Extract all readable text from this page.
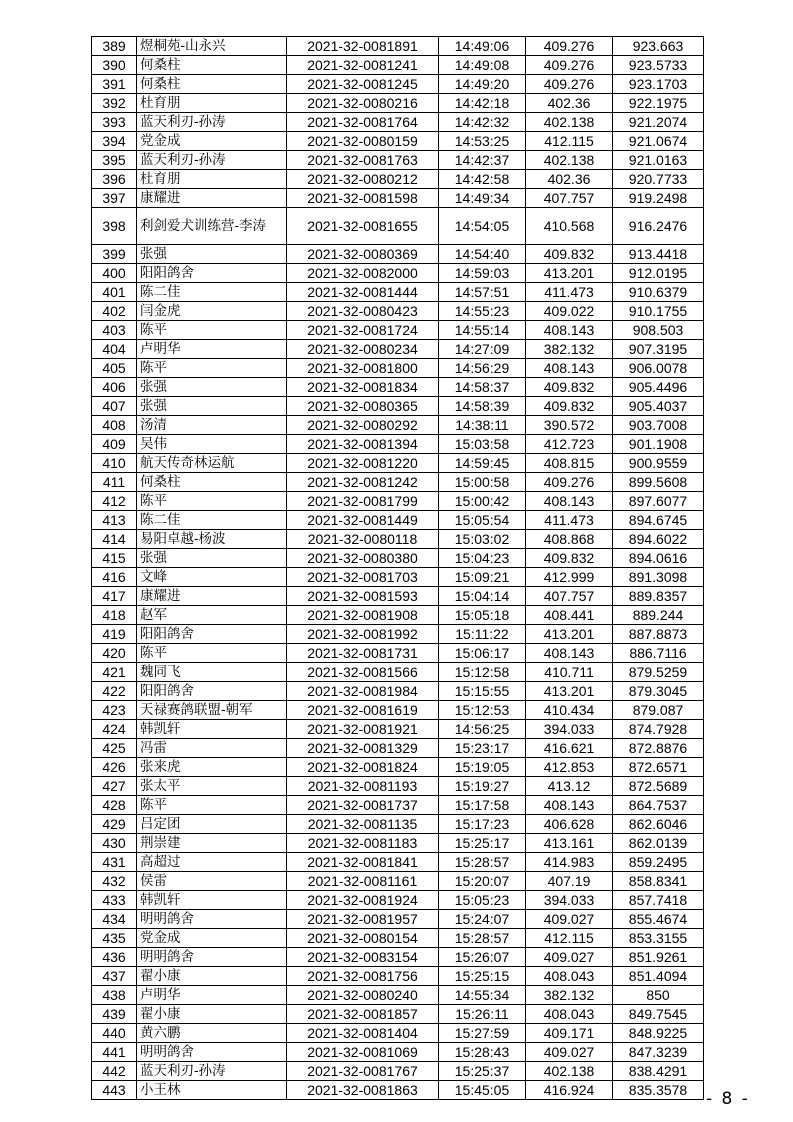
389	煜桐苑-山永兴	2021-32-0081891	14:49:06	409.276	923.663
390	何桑柱	2021-32-0081241	14:49:08	409.276	923.5733
391	何桑柱	2021-32-0081245	14:49:20	409.276	923.1703
392	杜育朋	2021-32-0080216	14:42:18	402.36	922.1975
393	蓝天利刃-孙涛	2021-32-0081764	14:42:32	402.138	921.2074
394	党金成	2021-32-0080159	14:53:25	412.115	921.0674
395	蓝天利刃-孙涛	2021-32-0081763	14:42:37	402.138	921.0163
396	杜育朋	2021-32-0080212	14:42:58	402.36	920.7733
397	康耀进	2021-32-0081598	14:49:34	407.757	919.2498
398	利剑爱犬训练营-李涛	2021-32-0081655	14:54:05	410.568	916.2476
399	张强	2021-32-0080369	14:54:40	409.832	913.4418
400	阳阳鸽舍	2021-32-0082000	14:59:03	413.201	912.0195
401	陈二佳	2021-32-0081444	14:57:51	411.473	910.6379
402	闫金虎	2021-32-0080423	14:55:23	409.022	910.1755
403	陈平	2021-32-0081724	14:55:14	408.143	908.503
404	卢明华	2021-32-0080234	14:27:09	382.132	907.3195
405	陈平	2021-32-0081800	14:56:29	408.143	906.0078
406	张强	2021-32-0081834	14:58:37	409.832	905.4496
407	张强	2021-32-0080365	14:58:39	409.832	905.4037
408	汤清	2021-32-0080292	14:38:11	390.572	903.7008
409	吴伟	2021-32-0081394	15:03:58	412.723	901.1908
410	航天传奇林运航	2021-32-0081220	14:59:45	408.815	900.9559
411	何桑柱	2021-32-0081242	15:00:58	409.276	899.5608
412	陈平	2021-32-0081799	15:00:42	408.143	897.6077
413	陈二佳	2021-32-0081449	15:05:54	411.473	894.6745
414	易阳卓越-杨波	2021-32-0080118	15:03:02	408.868	894.6022
415	张强	2021-32-0080380	15:04:23	409.832	894.0616
416	文峰	2021-32-0081703	15:09:21	412.999	891.3098
417	康耀进	2021-32-0081593	15:04:14	407.757	889.8357
418	赵军	2021-32-0081908	15:05:18	408.441	889.244
419	阳阳鸽舍	2021-32-0081992	15:11:22	413.201	887.8873
420	陈平	2021-32-0081731	15:06:17	408.143	886.7116
421	魏同飞	2021-32-0081566	15:12:58	410.711	879.5259
422	阳阳鸽舍	2021-32-0081984	15:15:55	413.201	879.3045
423	天禄赛鸽联盟-朝军	2021-32-0081619	15:12:53	410.434	879.087
424	韩凯轩	2021-32-0081921	14:56:25	394.033	874.7928
425	冯雷	2021-32-0081329	15:23:17	416.621	872.8876
426	张来虎	2021-32-0081824	15:19:05	412.853	872.6571
427	张太平	2021-32-0081193	15:19:27	413.12	872.5689
428	陈平	2021-32-0081737	15:17:58	408.143	864.7537
429	吕定团	2021-32-0081135	15:17:23	406.628	862.6046
430	荆崇建	2021-32-0081183	15:25:17	413.161	862.0139
431	高超过	2021-32-0081841	15:28:57	414.983	859.2495
432	侯雷	2021-32-0081161	15:20:07	407.19	858.8341
433	韩凯轩	2021-32-0081924	15:05:23	394.033	857.7418
434	明明鸽舍	2021-32-0081957	15:24:07	409.027	855.4674
435	党金成	2021-32-0080154	15:28:57	412.115	853.3155
436	明明鸽舍	2021-32-0083154	15:26:07	409.027	851.9261
437	翟小康	2021-32-0081756	15:25:15	408.043	851.4094
438	卢明华	2021-32-0080240	14:55:34	382.132	850
439	翟小康	2021-32-0081857	15:26:11	408.043	849.7545
440	黄六鹏	2021-32-0081404	15:27:59	409.171	848.9225
441	明明鸽舍	2021-32-0081069	15:28:43	409.027	847.3239
442	蓝天利刃-孙涛	2021-32-0081767	15:25:37	402.138	838.4291
443	小王林	2021-32-0081863	15:45:05	416.924	835.3578 - 8 -
